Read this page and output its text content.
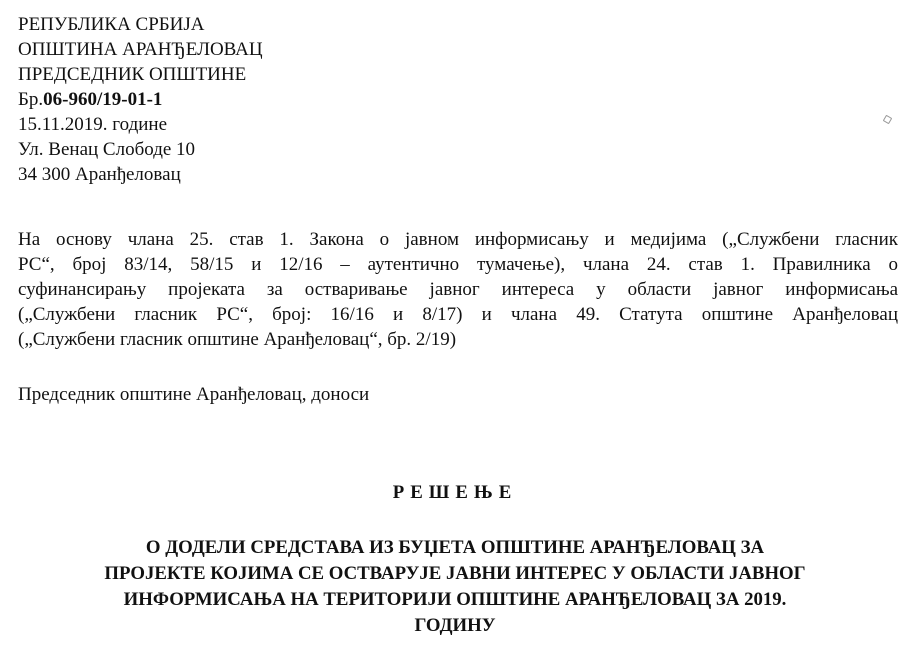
РЕПУБЛИКА СРБИЈА
ОПШТИНА АРАНЂЕЛОВАЦ
ПРЕДСЕДНИК ОПШТИНЕ
Бр.06-960/19-01-1
15.11.2019. године
Ул. Венац Слободе 10
34 300 Аранђеловац
На основу члана 25. став 1. Закона о јавном информисању и медијима („Службени гласник
РС“, број 83/14, 58/15 и 12/16 – аутентично тумачење), члана 24. став 1. Правилника о
суфинансирању пројеката за остваривање јавног интереса у области јавног информисања
(„Службени гласник РС“, број: 16/16 и 8/17) и члана 49. Статута општине Аранђеловац
(„Службени гласник општине Аранђеловац“, бр. 2/19)
Председник општине Аранђеловац, доноси
РЕШЕЊЕ
О ДОДЕЛИ СРЕДСТАВА ИЗ БУЏЕТА ОПШТИНЕ АРАНЂЕЛОВАЦ ЗА
ПРОЈЕКТЕ КОЈИМА СЕ ОСТВАРУЈЕ ЈАВНИ ИНТЕРЕС У ОБЛАСТИ ЈАВНОГ
ИНФОРМИСАЊА НА ТЕРИТОРИЈИ ОПШТИНЕ АРАНЂЕЛОВАЦ ЗА 2019.
ГОДИНУ
